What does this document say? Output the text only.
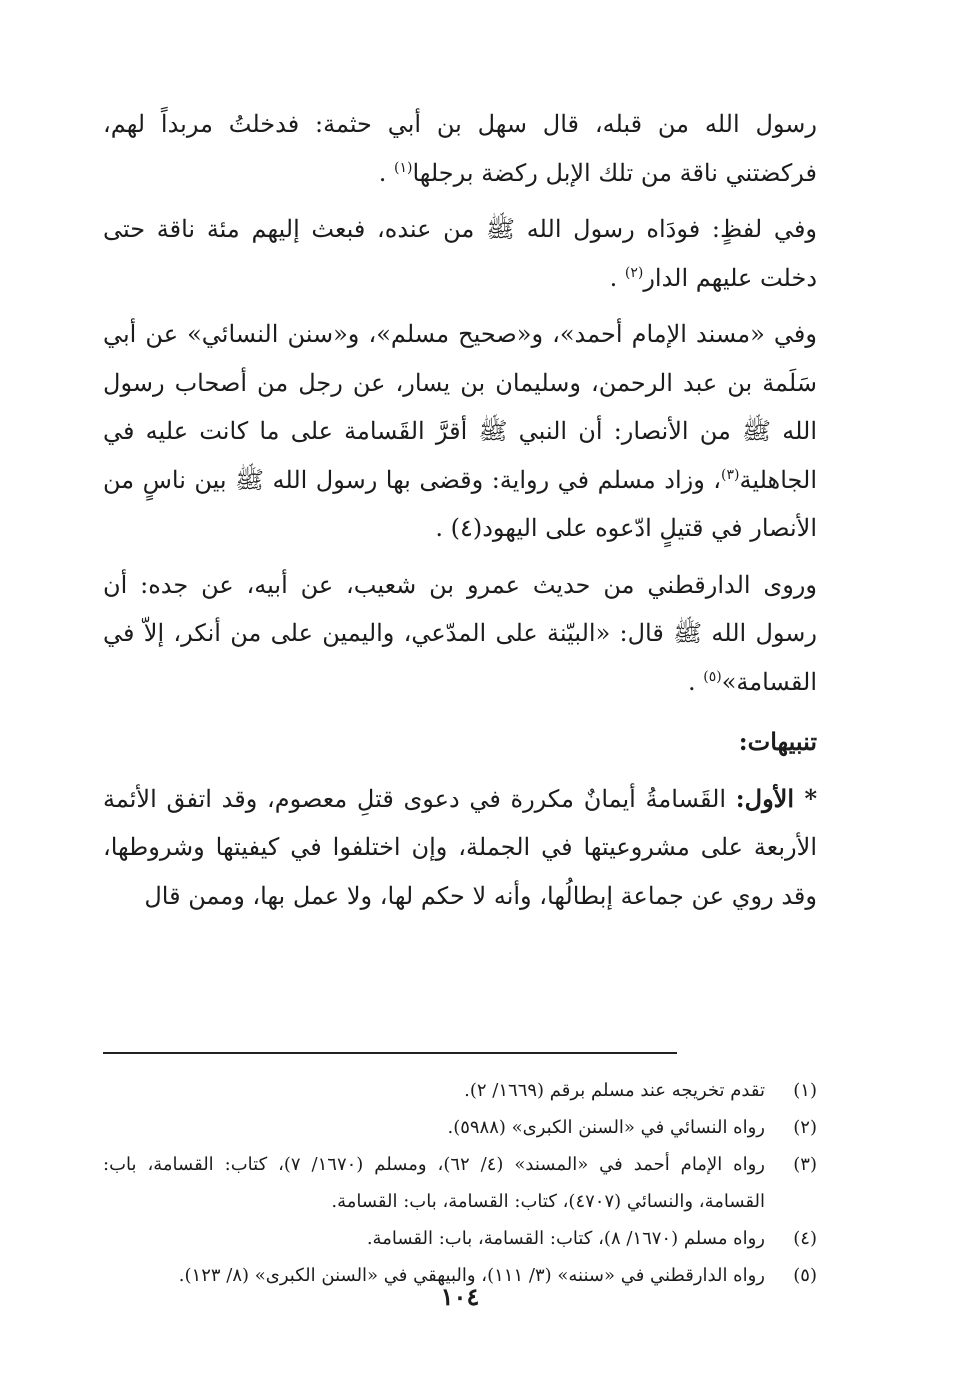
رسول الله من قبله، قال سهل بن أبي حثمة: فدخلتُ مربداً لهم، فركضتني ناقة من تلك الإبل ركضة برجلها$^{(١)}$ .

وفي لفظٍ: فودَاه رسول الله ﷺ من عنده، فبعث إليهم مئة ناقة حتى دخلت عليهم الدار$^{(٢)}$ .

وفي «مسند الإمام أحمد»، و«صحيح مسلم»، و«سنن النسائي» عن أبي سَلَمة بن عبد الرحمن، وسليمان بن يسار، عن رجل من أصحاب رسول الله ﷺ من الأنصار: أن النبي ﷺ أقرَّ القَسامة على ما كانت عليه في الجاهلية$^{(٣)}$، وزاد مسلم في رواية: وقضى بها رسول الله ﷺ بين ناسٍ من الأنصار في قتيلٍ ادّعوه على اليهود(٤) .

وروى الدارقطني من حديث عمرو بن شعيب، عن أبيه، عن جده: أن رسول الله ﷺ قال: «البيّنة على المدّعي، واليمين على من أنكر، إلاّ في القسامة»$^{(٥)}$ .

تنبيهات:

* الأول: القَسامةُ أيمانٌ مكررة في دعوى قتلِ معصوم، وقد اتفق الأئمة الأربعة على مشروعيتها في الجملة، وإن اختلفوا في كيفيتها وشروطها، وقد روي عن جماعة إبطالُها، وأنه لا حكم لها، ولا عمل بها، وممن قال

(١)
تقدم تخريجه عند مسلم برقم (١٦٦٩/ ٢).
(٢)
رواه النسائي في «السنن الكبرى» (٥٩٨٨).
(٣)
رواه الإمام أحمد في «المسند» (٤/ ٦٢)، ومسلم (١٦٧٠/ ٧)، كتاب: القسامة، باب: القسامة، والنسائي (٤٧٠٧)، كتاب: القسامة، باب: القسامة.
(٤)
رواه مسلم (١٦٧٠/ ٨)، كتاب: القسامة، باب: القسامة.
(٥)
رواه الدارقطني في «سننه» (٣/ ١١١)، والبيهقي في «السنن الكبرى» (٨/ ١٢٣).
١٠٤
